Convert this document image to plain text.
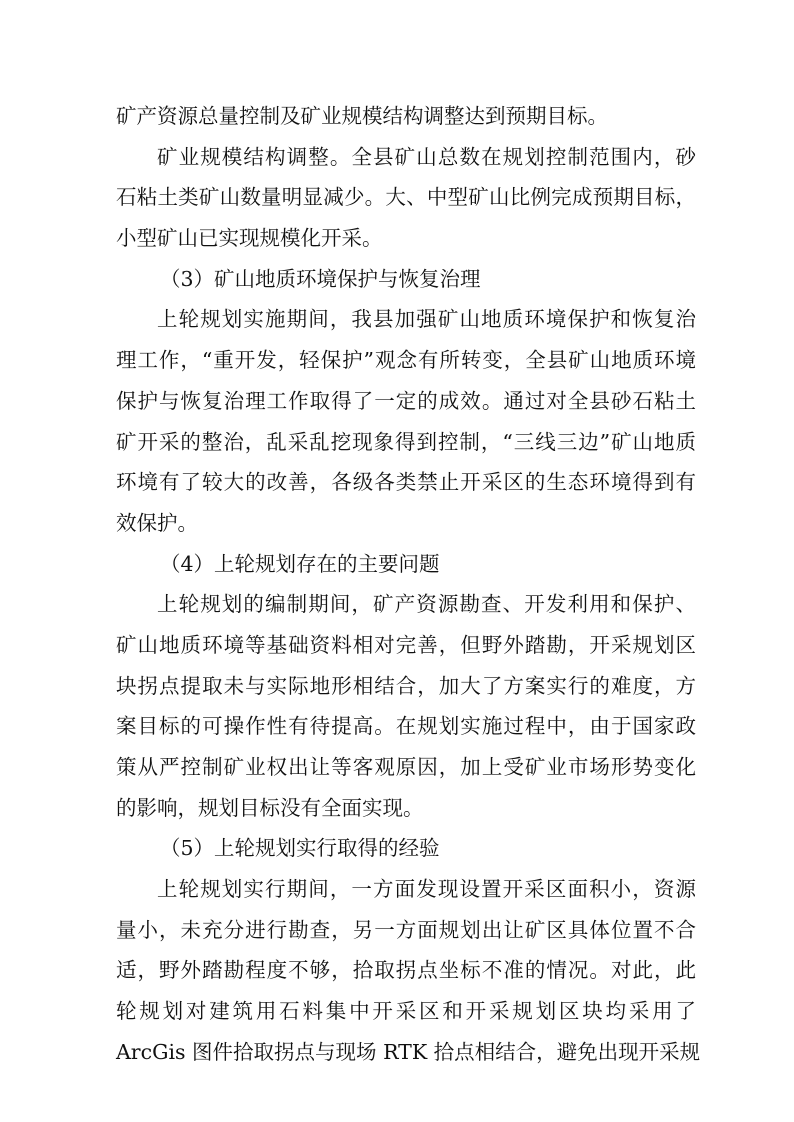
矿产资源总量控制及矿业规模结构调整达到预期目标。
矿业规模结构调整。全县矿山总数在规划控制范围内，砂
石粘土类矿山数量明显减少。大、中型矿山比例完成预期目标，
小型矿山已实现规模化开采。
（3）矿山地质环境保护与恢复治理
上轮规划实施期间，我县加强矿山地质环境保护和恢复治
理工作，“重开发，轻保护”观念有所转变，全县矿山地质环境
保护与恢复治理工作取得了一定的成效。通过对全县砂石粘土
矿开采的整治，乱采乱挖现象得到控制，“三线三边”矿山地质
环境有了较大的改善，各级各类禁止开采区的生态环境得到有
效保护。
（4）上轮规划存在的主要问题
上轮规划的编制期间，矿产资源勘查、开发利用和保护、
矿山地质环境等基础资料相对完善，但野外踏勘，开采规划区
块拐点提取未与实际地形相结合，加大了方案实行的难度，方
案目标的可操作性有待提高。在规划实施过程中，由于国家政
策从严控制矿业权出让等客观原因，加上受矿业市场形势变化
的影响，规划目标没有全面实现。
（5）上轮规划实行取得的经验
上轮规划实行期间，一方面发现设置开采区面积小，资源
量小，未充分进行勘查，另一方面规划出让矿区具体位置不合
适，野外踏勘程度不够，拾取拐点坐标不准的情况。对此，此
轮规划对建筑用石料集中开采区和开采规划区块均采用了
ArcGis 图件拾取拐点与现场 RTK 拾点相结合，避免出现开采规
